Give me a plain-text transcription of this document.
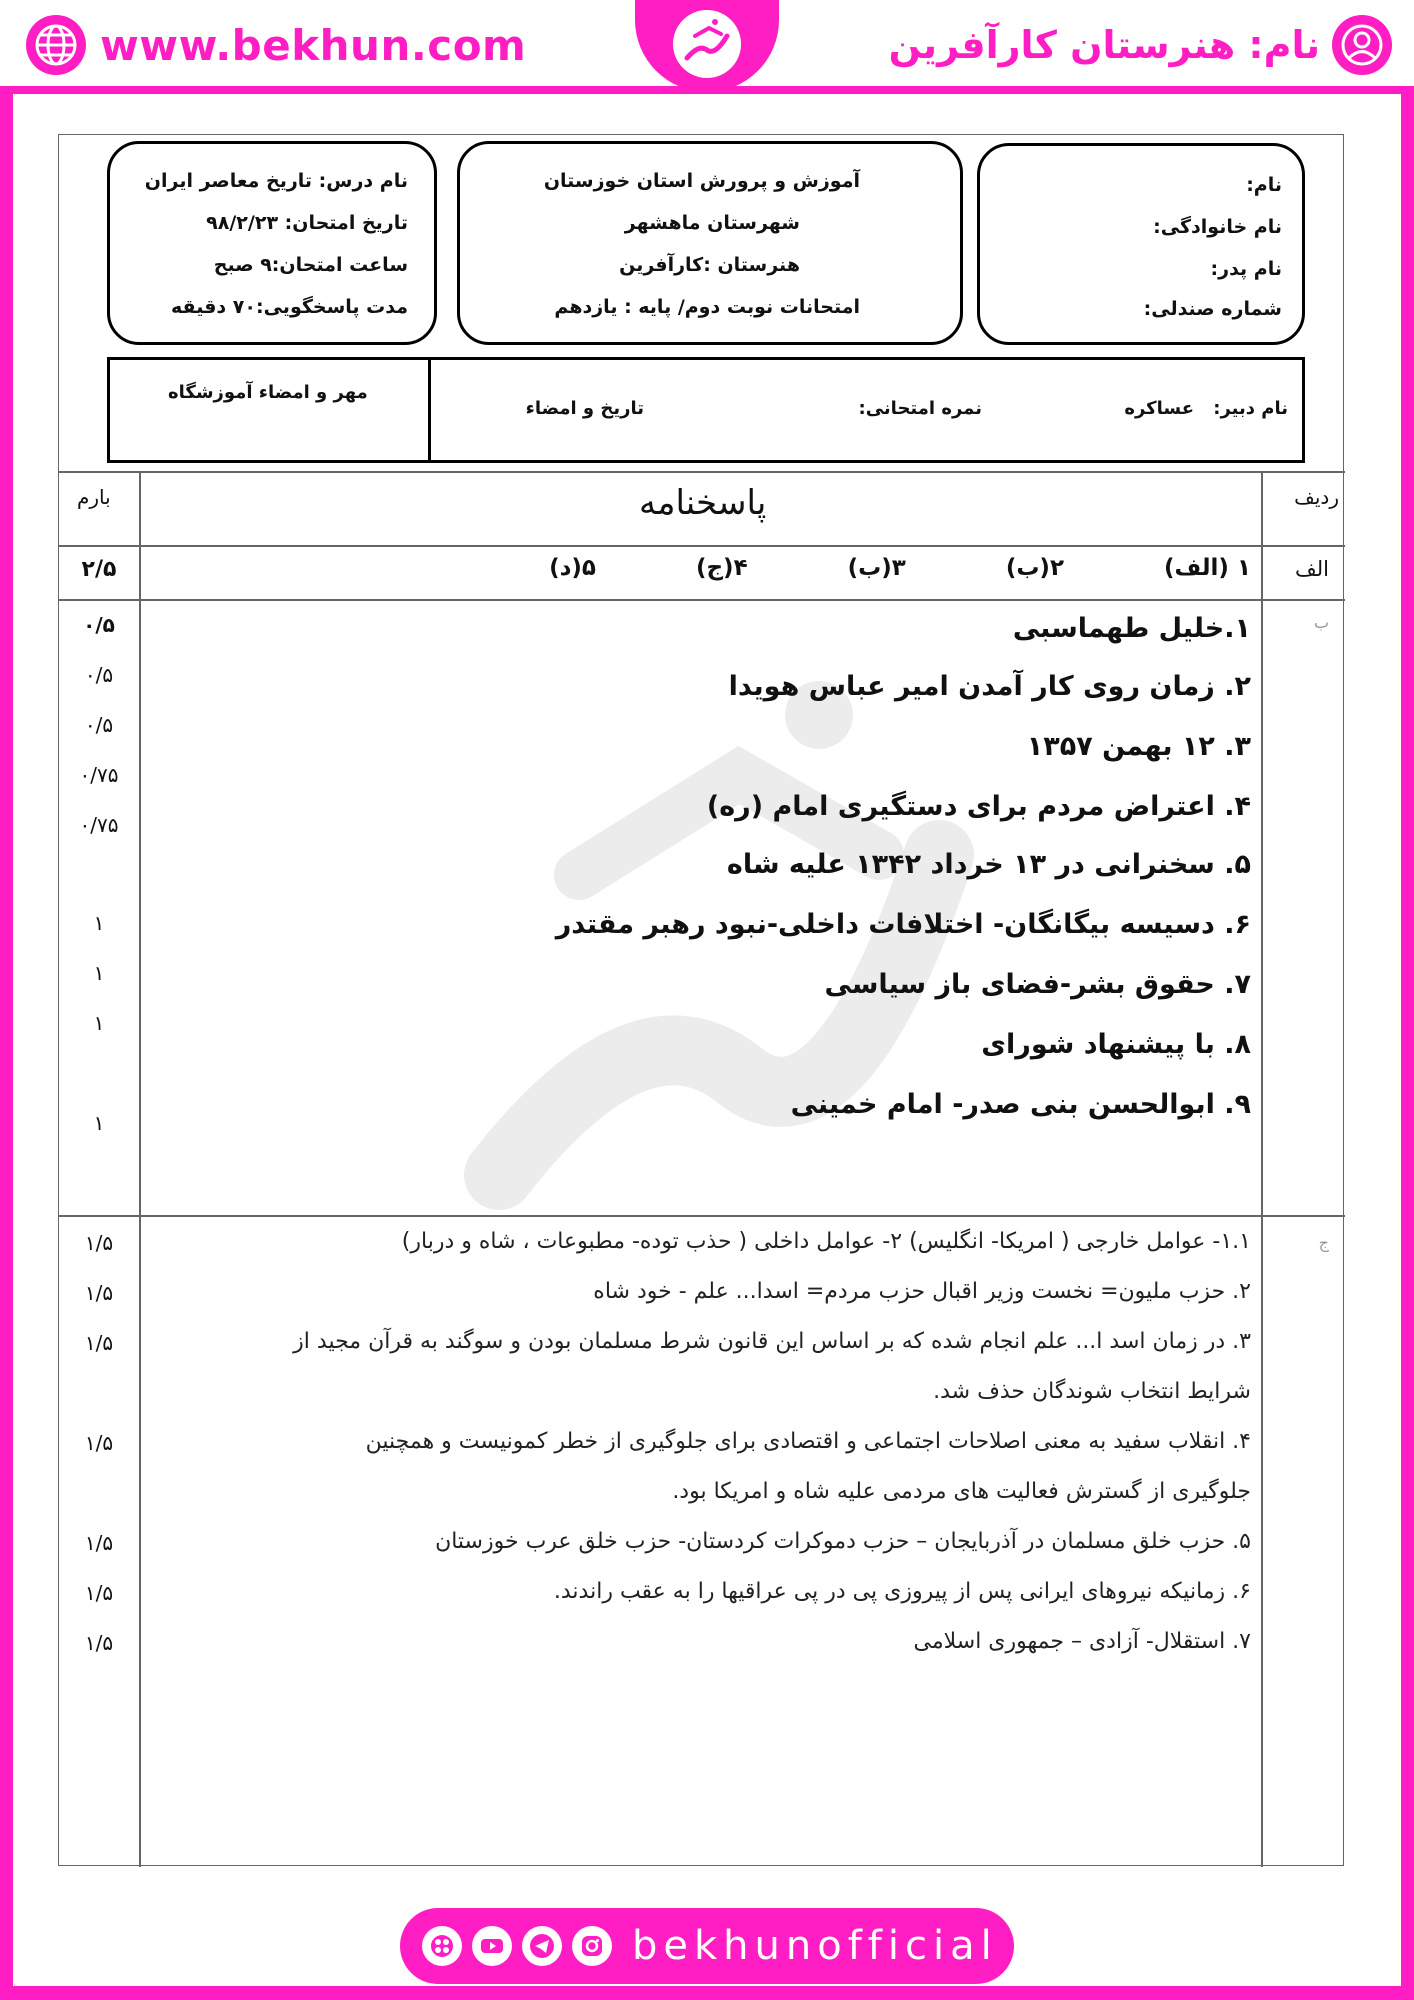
www.bekhun.com	نام: هنرستان کارآفرین
نام:
نام خانوادگی:
نام پدر:
شماره صندلی:
آموزش و پرورش استان خوزستان
شهرستان ماهشهر
هنرستان :کارآفرین
امتحانات نوبت دوم/ پایه : یازدهم
نام درس: تاریخ معاصر ایران
تاریخ امتحان: ۹۸/۲/۲۳
ساعت امتحان:۹ صبح
مدت پاسخگویی:۷۰ دقیقه
نام دبیر:
عساکره
نمره امتحانی:
تاریخ و امضاء
مهر و امضاء آموزشگاه
ردیف
پاسخنامه
بارم
الف
۱ (الف)
۲(ب)
۳(ب)
۴(ج)
۵(د)
۲/۵
ب
۱.خلیل طهماسبی
۲. زمان روی کار آمدن امیر عباس هویدا
۳. ۱۲ بهمن ۱۳۵۷
۴. اعتراض مردم برای دستگیری امام (ره)
۵. سخنرانی در ۱۳ خرداد ۱۳۴۲ علیه شاه
۶. دسیسه بیگانگان- اختلافات داخلی-نبود رهبر مقتدر
۷. حقوق بشر-فضای باز سیاسی
۸. با پیشنهاد شورای
۹. ابوالحسن بنی صدر- امام خمینی
۰/۵
۰/۵
۰/۵
۰/۷۵
۰/۷۵
۱
۱
۱
۱
ج
۱.۱- عوامل خارجی ( امریکا- انگلیس) ۲- عوامل داخلی ( حذب توده- مطبوعات ، شاه و دربار)
۲. حزب ملیون= نخست وزیر اقبال حزب مردم= اسدا... علم - خود شاه
۳. در زمان اسد ا... علم انجام شده که بر اساس این قانون شرط مسلمان بودن و سوگند به قرآن مجید از
شرایط انتخاب شوندگان حذف شد.
۴. انقلاب سفید به معنی اصلاحات اجتماعی و اقتصادی برای جلوگیری از خطر کمونیست و همچنین
جلوگیری از گسترش فعالیت های مردمی علیه شاه و امریکا بود.
۵. حزب خلق مسلمان در آذربایجان – حزب دموکرات کردستان- حزب خلق عرب خوزستان
۶. زمانیکه نیروهای ایرانی پس از پیروزی پی در پی عراقیها را به عقب راندند.
۷. استقلال- آزادی – جمهوری اسلامی
۱/۵
۱/۵
۱/۵
۱/۵
۱/۵
۱/۵
۱/۵
bekhunofficial
